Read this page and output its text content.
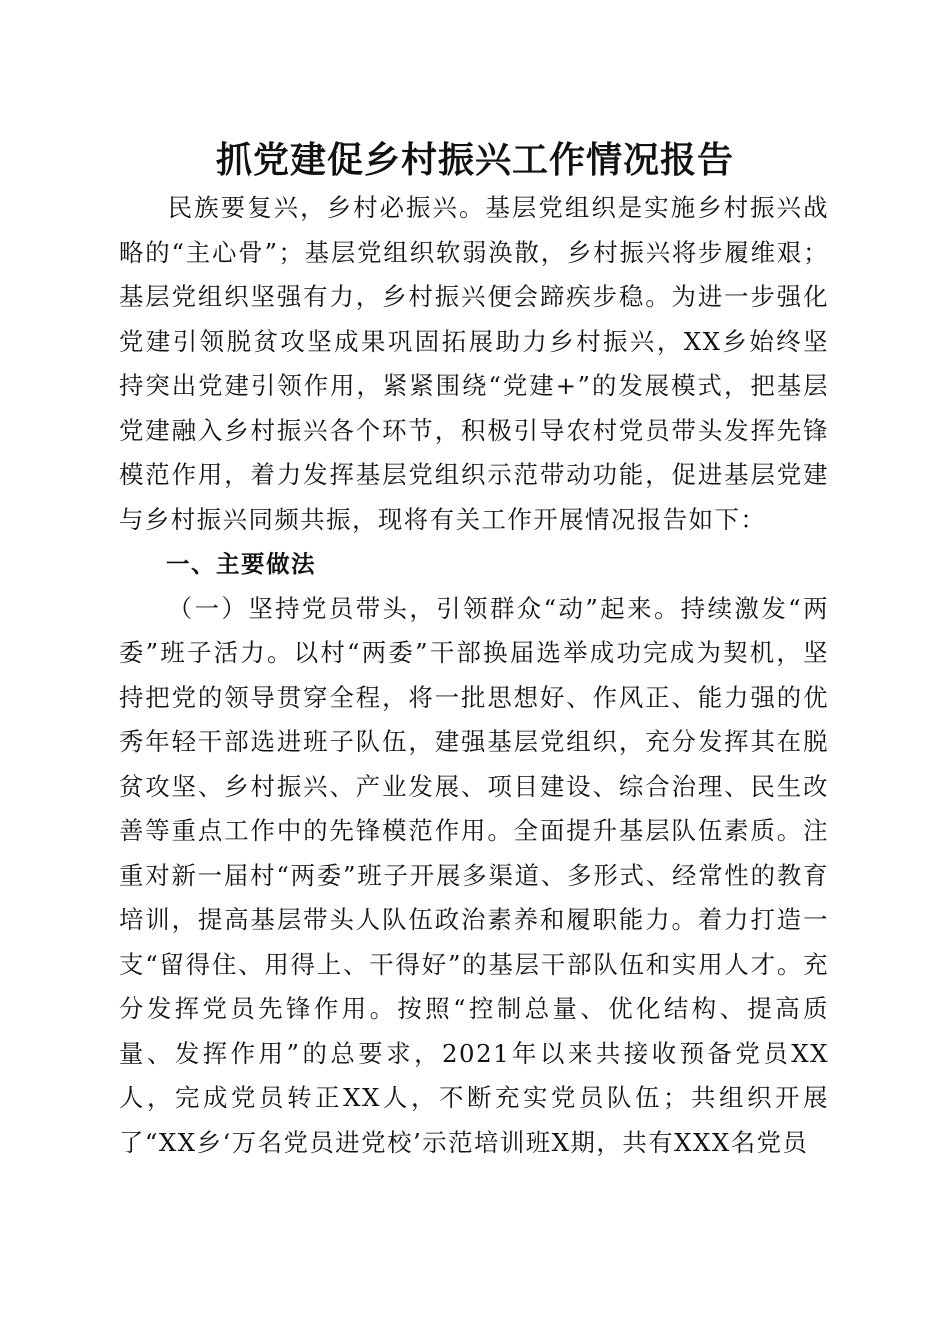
抓党建促乡村振兴工作情况报告

民族要复兴，乡村必振兴。基层党组织是实施乡村振兴战略的“主心骨”；基层党组织软弱涣散，乡村振兴将步履维艰；基层党组织坚强有力，乡村振兴便会蹄疾步稳。为进一步强化党建引领脱贫攻坚成果巩固拓展助力乡村振兴，XX乡始终坚持突出党建引领作用，紧紧围绕“党建+”的发展模式，把基层党建融入乡村振兴各个环节，积极引导农村党员带头发挥先锋模范作用，着力发挥基层党组织示范带动功能，促进基层党建与乡村振兴同频共振，现将有关工作开展情况报告如下：

一、主要做法

（一）坚持党员带头，引领群众“动”起来。持续激发“两委”班子活力。以村“两委”干部换届选举成功完成为契机，坚持把党的领导贯穿全程，将一批思想好、作风正、能力强的优秀年轻干部选进班子队伍，建强基层党组织，充分发挥其在脱贫攻坚、乡村振兴、产业发展、项目建设、综合治理、民生改善等重点工作中的先锋模范作用。全面提升基层队伍素质。注重对新一届村“两委”班子开展多渠道、多形式、经常性的教育培训，提高基层带头人队伍政治素养和履职能力。着力打造一支“留得住、用得上、干得好”的基层干部队伍和实用人才。充分发挥党员先锋作用。按照“控制总量、优化结构、提高质量、发挥作用”的总要求，2021年以来共接收预备党员XX人，完成党员转正XX人，不断充实党员队伍；共组织开展了“XX乡‘万名党员进党校’示范培训班X期，共有XXX名党员
